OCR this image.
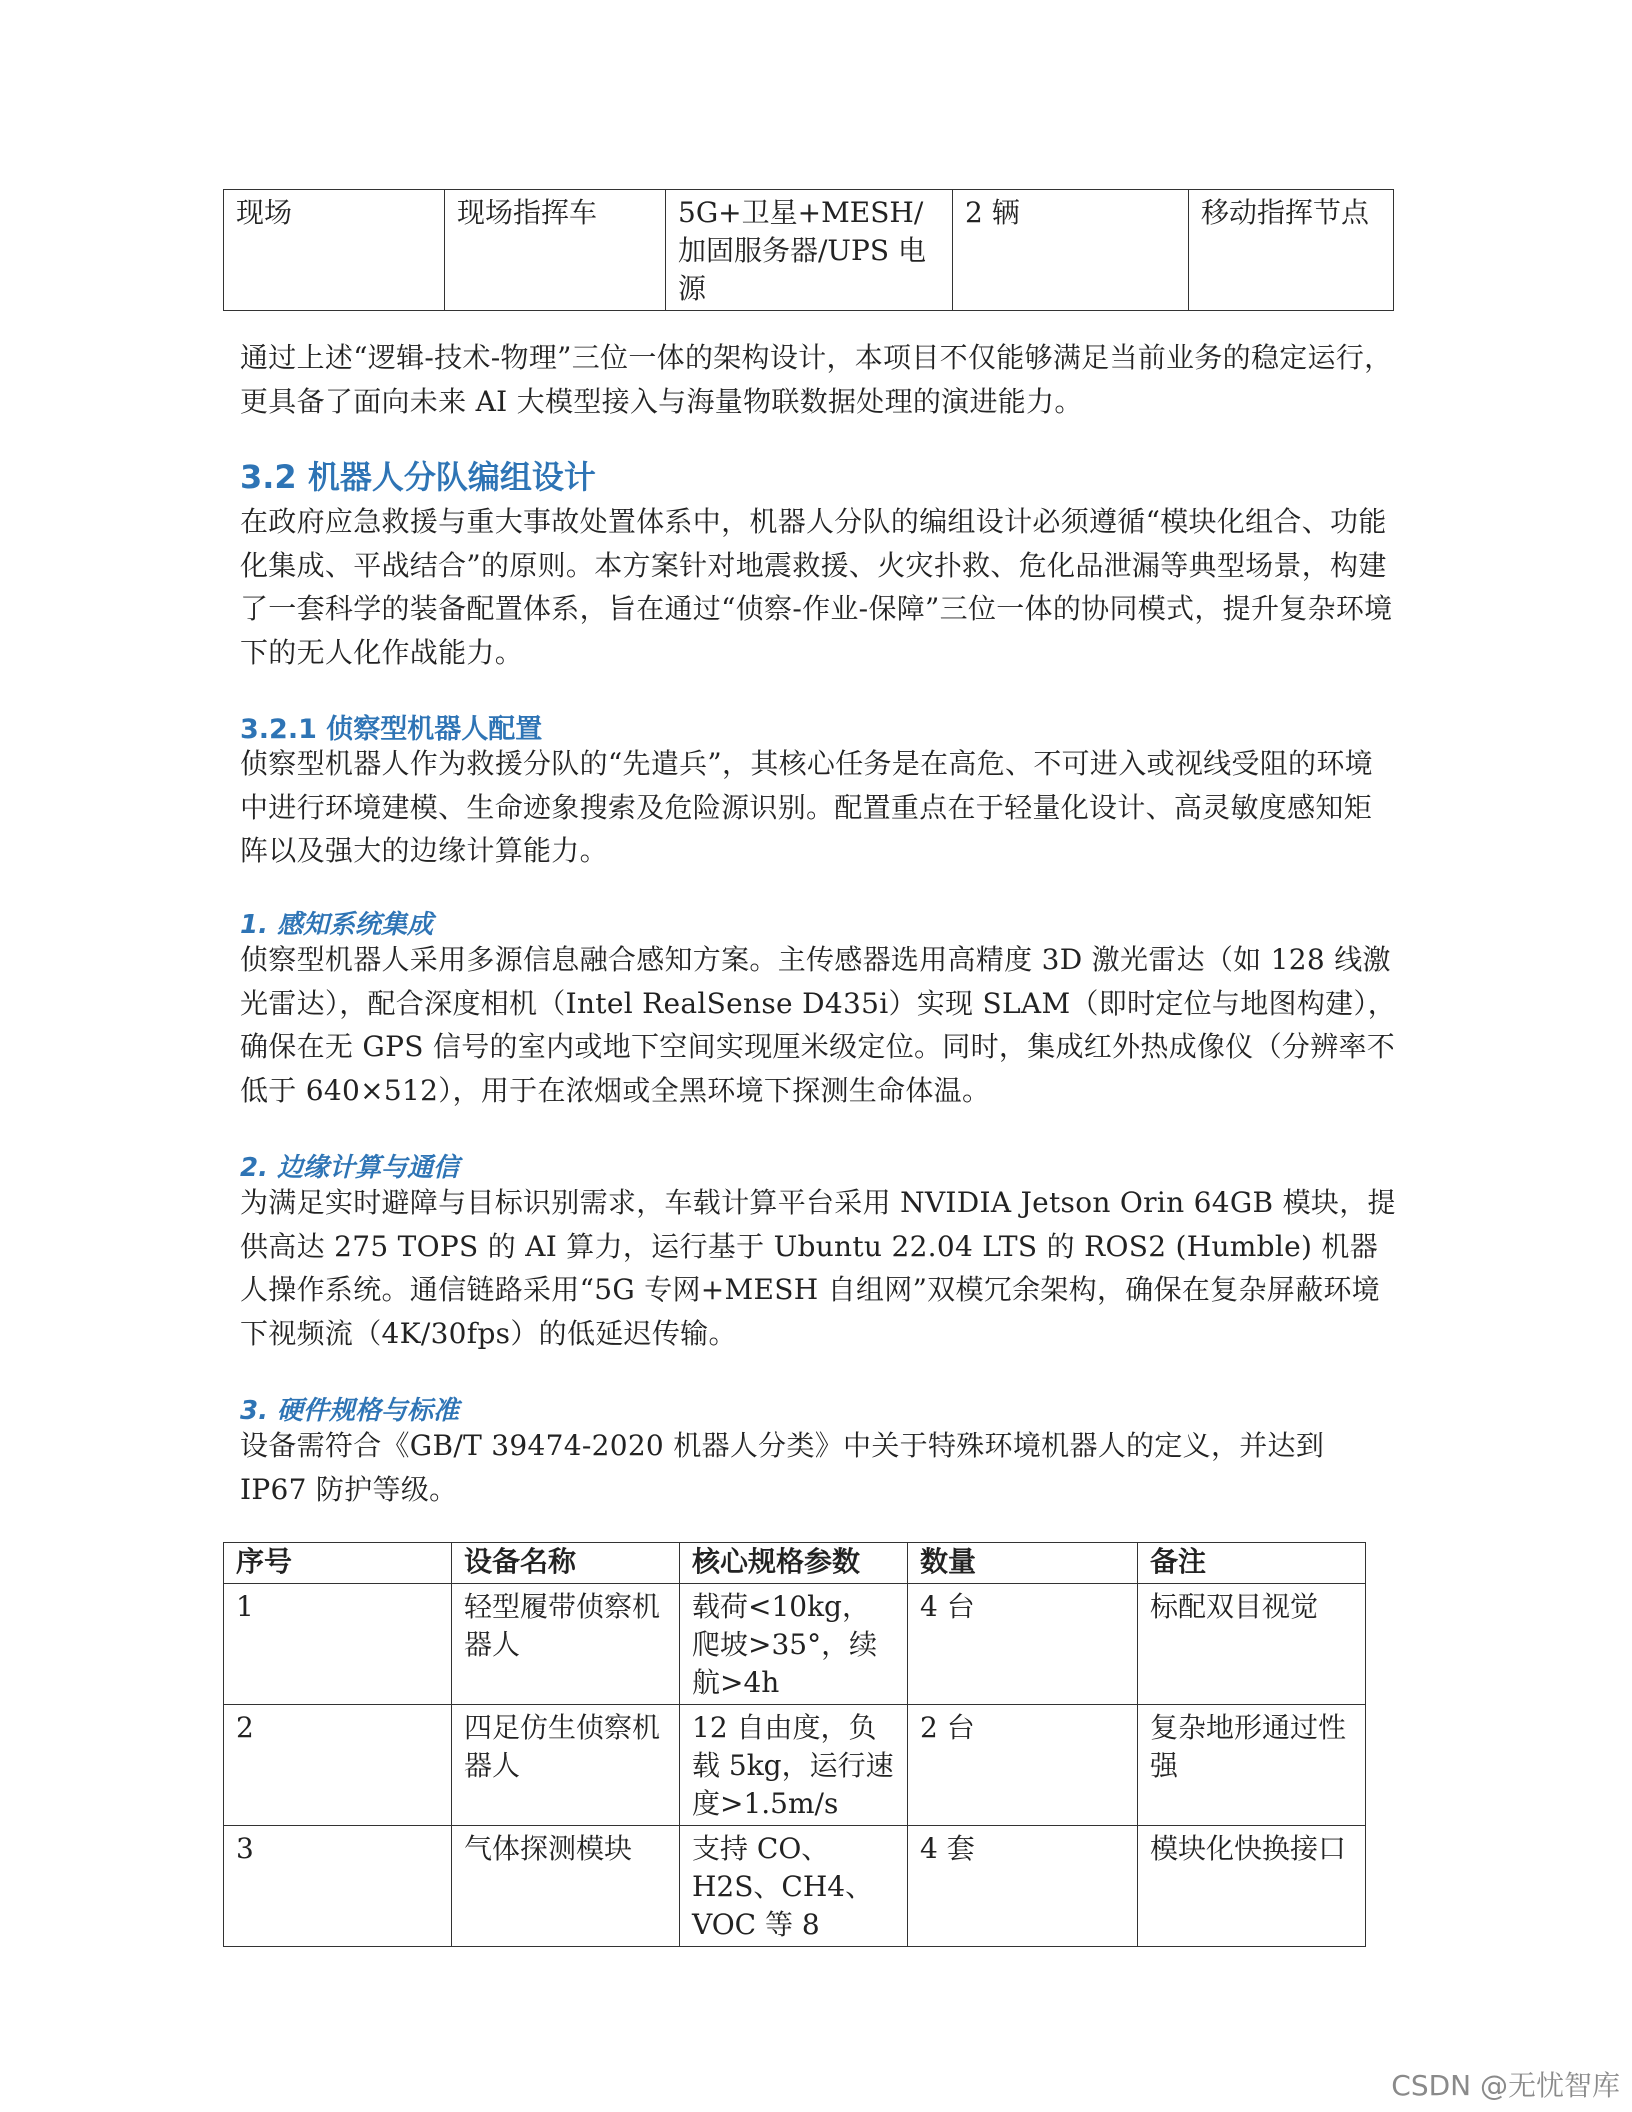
现场	现场指挥车	5G+卫星+MESH/加固服务器/UPS 电源	2 辆	移动指挥节点

通过上述“逻辑-技术-物理”三位一体的架构设计，本项目不仅能够满足当前业务的稳定运行，更具备了面向未来 AI 大模型接入与海量物联数据处理的演进能力。

3.2 机器人分队编组设计

在政府应急救援与重大事故处置体系中，机器人分队的编组设计必须遵循“模块化组合、功能化集成、平战结合”的原则。本方案针对地震救援、火灾扑救、危化品泄漏等典型场景，构建了一套科学的装备配置体系，旨在通过“侦察-作业-保障”三位一体的协同模式，提升复杂环境下的无人化作战能力。

3.2.1 侦察型机器人配置

侦察型机器人作为救援分队的“先遣兵”，其核心任务是在高危、不可进入或视线受阻的环境中进行环境建模、生命迹象搜索及危险源识别。配置重点在于轻量化设计、高灵敏度感知矩阵以及强大的边缘计算能力。

1. 感知系统集成

侦察型机器人采用多源信息融合感知方案。主传感器选用高精度 3D 激光雷达（如 128 线激光雷达），配合深度相机（Intel RealSense D435i）实现 SLAM（即时定位与地图构建），确保在无 GPS 信号的室内或地下空间实现厘米级定位。同时，集成红外热成像仪（分辨率不低于 640×512），用于在浓烟或全黑环境下探测生命体温。

2. 边缘计算与通信

为满足实时避障与目标识别需求，车载计算平台采用 NVIDIA Jetson Orin 64GB 模块，提供高达 275 TOPS 的 AI 算力，运行基于 Ubuntu 22.04 LTS 的 ROS2 (Humble) 机器人操作系统。通信链路采用“5G 专网+MESH 自组网”双模冗余架构，确保在复杂屏蔽环境下视频流（4K/30fps）的低延迟传输。

3. 硬件规格与标准

设备需符合《GB/T 39474-2020 机器人分类》中关于特殊环境机器人的定义，并达到 IP67 防护等级。

序号	设备名称	核心规格参数	数量	备注
1	轻型履带侦察机器人	载荷<10kg，爬坡>35°，续航>4h	4 台	标配双目视觉
2	四足仿生侦察机器人	12 自由度，负载 5kg，运行速度>1.5m/s	2 台	复杂地形通过性强
3	气体探测模块	支持 CO、H2S、CH4、VOC 等 8	4 套	模块化快换接口
CSDN @无忧智库
